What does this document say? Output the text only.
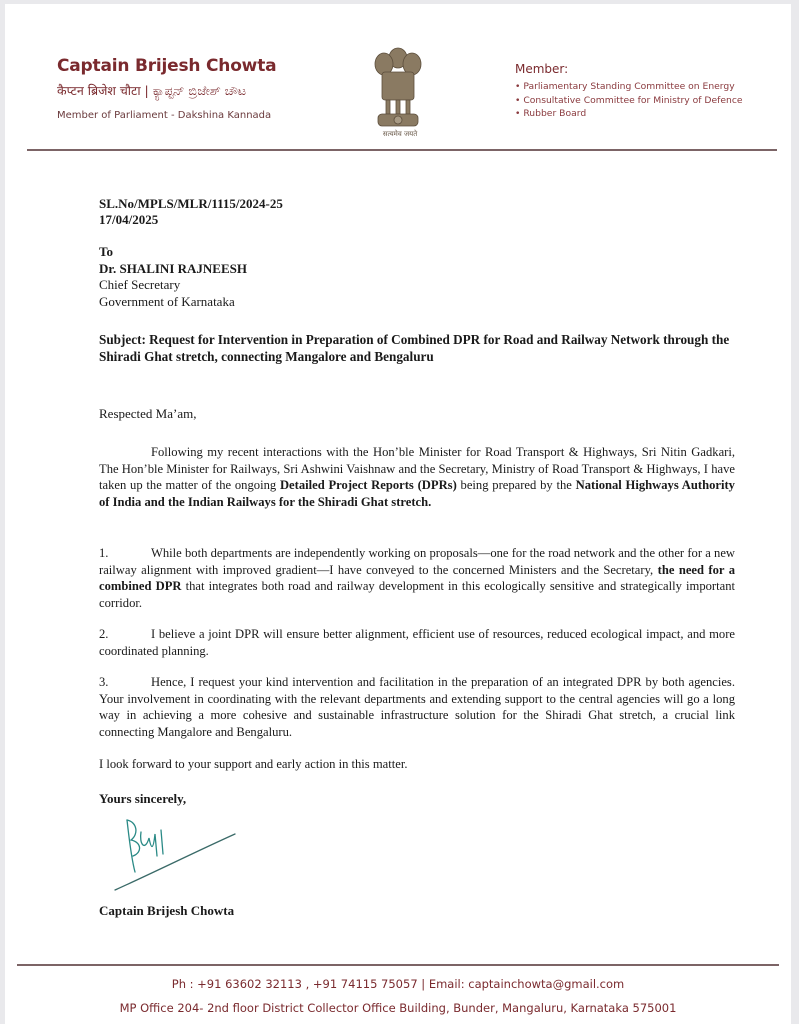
Captain Brijesh Chowta
कैप्टन ब्रिजेश चौटा | ಕ್ಯಾಪ್ಟನ್ ಬ್ರಿಜೇಶ್ ಚೌಟ
Member of Parliament - Dakshina Kannada
सत्यमेव जयते
Member:
• Parliamentary Standing Committee on Energy
• Consultative Committee for Ministry of Defence
• Rubber Board
SL.No/MPLS/MLR/1115/2024-25
17/04/2025
To
Dr. SHALINI RAJNEESH
Chief Secretary
Government of Karnataka
Subject: Request for Intervention in Preparation of Combined DPR for Road and Railway Network through the Shiradi Ghat stretch, connecting Mangalore and Bengaluru
Respected Ma’am,
Following my recent interactions with the Hon’ble Minister for Road Transport & Highways, Sri Nitin Gadkari, The Hon’ble Minister for Railways, Sri Ashwini Vaishnaw and the Secretary, Ministry of Road Transport & Highways, I have taken up the matter of the ongoing Detailed Project Reports (DPRs) being prepared by the National Highways Authority of India and the Indian Railways for the Shiradi Ghat stretch.
1.	While both departments are independently working on proposals—one for the road network and the other for a new railway alignment with improved gradient—I have conveyed to the concerned Ministers and the Secretary, the need for a combined DPR that integrates both road and railway development in this ecologically sensitive and strategically important corridor.
2.	I believe a joint DPR will ensure better alignment, efficient use of resources, reduced ecological impact, and more coordinated planning.
3.	Hence, I request your kind intervention and facilitation in the preparation of an integrated DPR by both agencies. Your involvement in coordinating with the relevant departments and extending support to the central agencies will go a long way in achieving a more cohesive and sustainable infrastructure solution for the Shiradi Ghat stretch, a crucial link connecting Mangalore and Bengaluru.
I look forward to your support and early action in this matter.
Yours sincerely,
Captain Brijesh Chowta
Ph : +91 63602 32113 , +91 74115 75057 | Email: captainchowta@gmail.com
MP Office 204- 2nd floor District Collector Office Building, Bunder, Mangaluru, Karnataka 575001
